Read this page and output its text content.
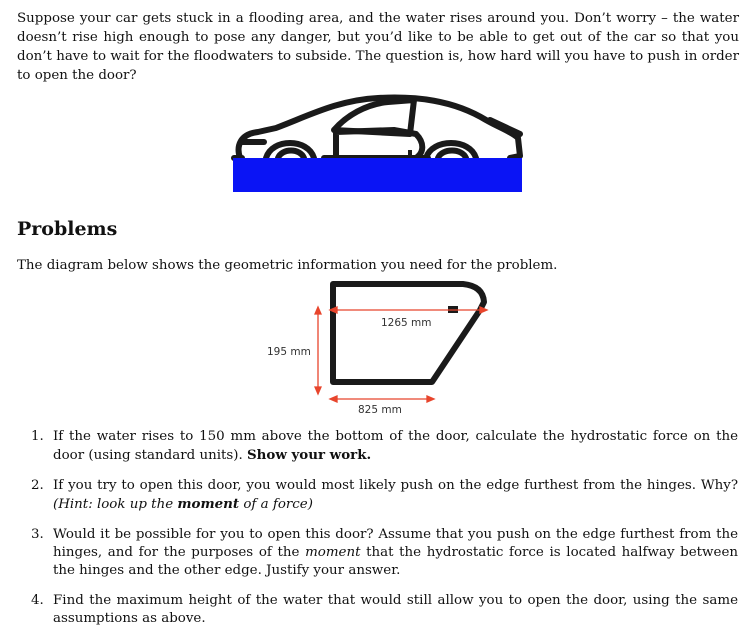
Suppose your car gets stuck in a flooding area, and the water rises around you. Don’t worry – the water doesn’t rise high enough to pose any danger, but you’d like to be able to get out of the car so that you don’t have to wait for the floodwaters to subside. The question is, how hard will you have to push in order to open the door?

Problems

The diagram below shows the geometric information you need for the problem.

1265 mm
195 mm
825 mm
1. If the water rises to 150 mm above the bottom of the door, calculate the hydrostatic force on the door (using standard units). Show your work.
2. If you try to open this door, you would most likely push on the edge furthest from the hinges. Why? (Hint: look up the moment of a force)
3. Would it be possible for you to open this door? Assume that you push on the edge furthest from the hinges, and for the purposes of the moment that the hydrostatic force is located halfway between the hinges and the other edge. Justify your answer.
4. Find the maximum height of the water that would still allow you to open the door, using the same assumptions as above.
